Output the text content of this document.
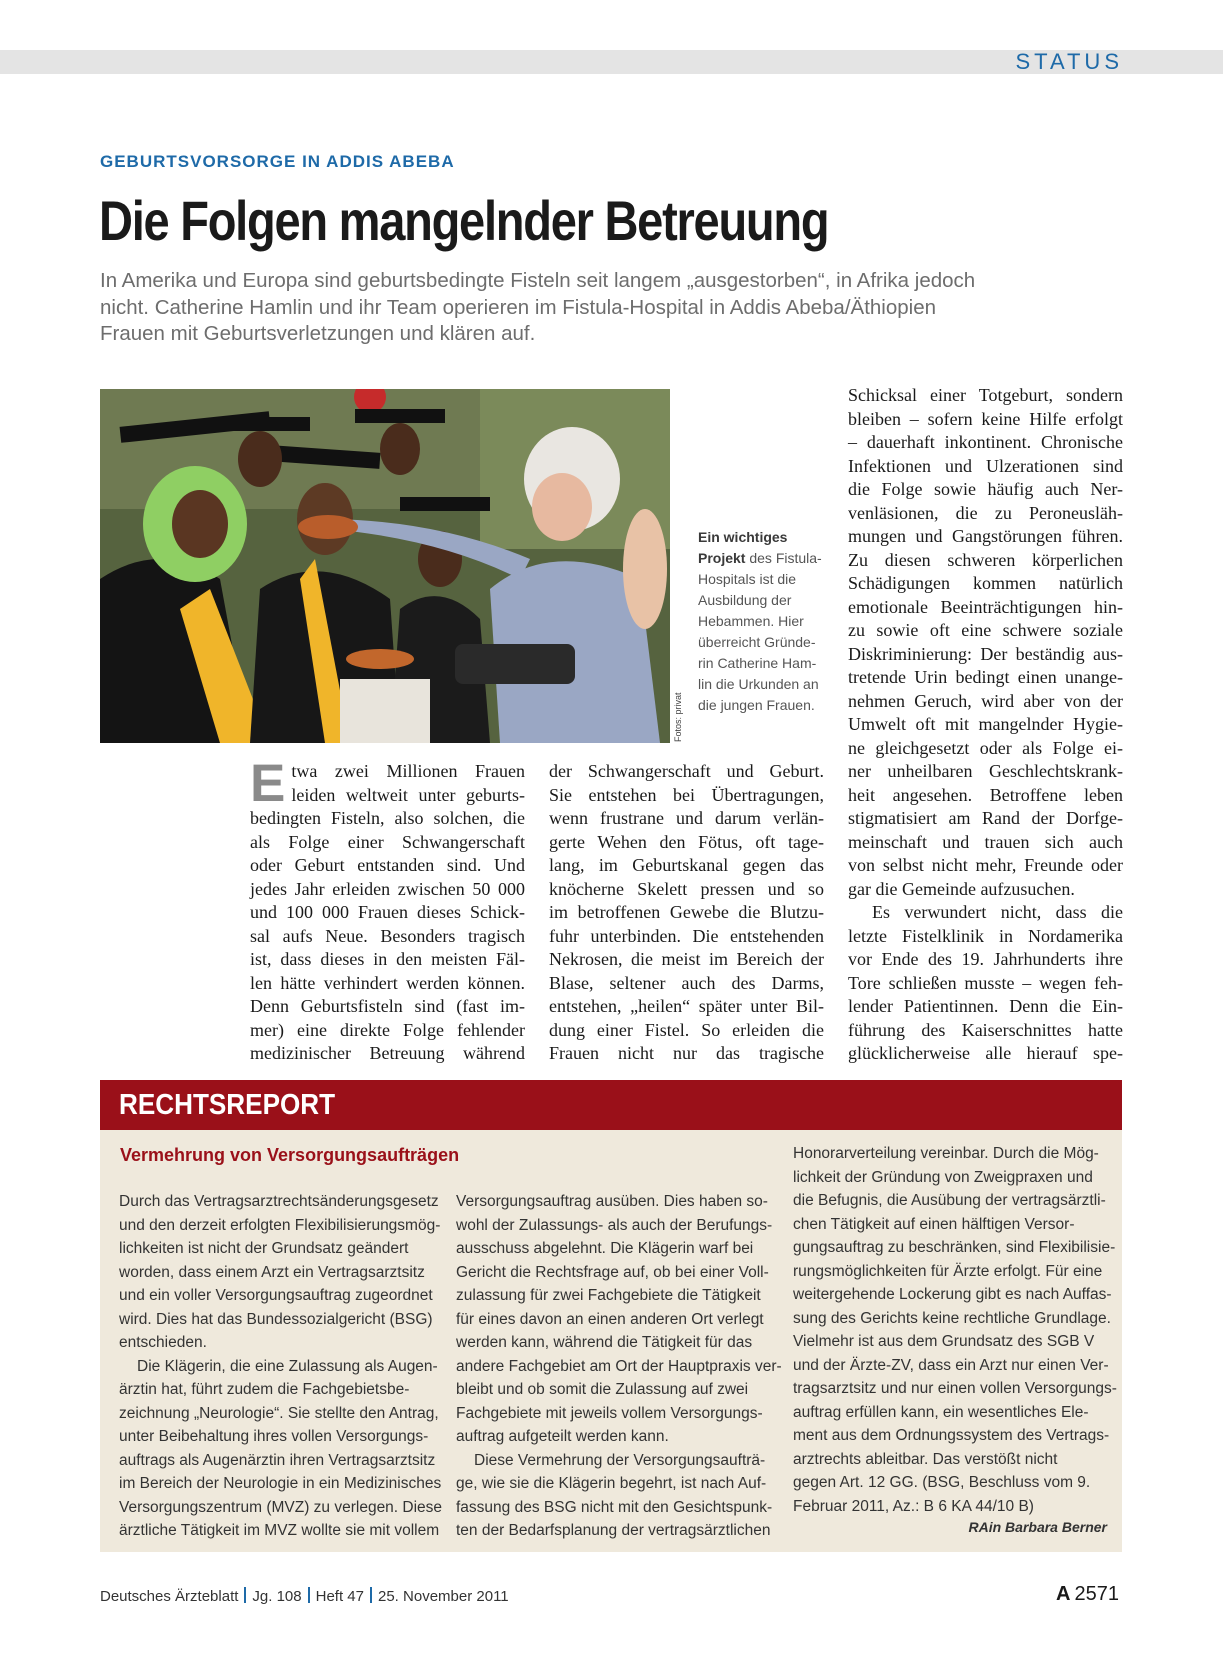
STATUS
GEBURTSVORSORGE IN ADDIS ABEBA
Die Folgen mangelnder Betreuung
In Amerika und Europa sind geburtsbedingte Fisteln seit langem „ausgestorben“, in Afrika jedoch
nicht. Catherine Hamlin und ihr Team operieren im Fistula-Hospital in Addis Abeba/Äthiopien
Frauen mit Geburtsverletzungen und klären auf.
Fotos: privat
Ein wichtiges
Projekt des Fistula-
Hospitals ist die
Ausbildung der
Hebammen. Hier
überreicht Gründe-
rin Catherine Ham-
lin die Urkunden an
die jungen Frauen.
E twa zwei Millionen Frauen
leiden weltweit unter geburts-
bedingten Fisteln, also solchen, die
als Folge einer Schwangerschaft
oder Geburt entstanden sind. Und
jedes Jahr erleiden zwischen 50 000
und 100 000 Frauen dieses Schick-
sal aufs Neue. Besonders tragisch
ist, dass dieses in den meisten Fäl-
len hätte verhindert werden können.
Denn Geburtsfisteln sind (fast im-
mer) eine direkte Folge fehlender
medizinischer Betreuung während
der Schwangerschaft und Geburt.
Sie entstehen bei Übertragungen,
wenn frustrane und darum verlän-
gerte Wehen den Fötus, oft tage-
lang, im Geburtskanal gegen das
knöcherne Skelett pressen und so
im betroffenen Gewebe die Blutzu-
fuhr unterbinden. Die entstehenden
Nekrosen, die meist im Bereich der
Blase, seltener auch des Darms,
entstehen, „heilen“ später unter Bil-
dung einer Fistel. So erleiden die
Frauen nicht nur das tragische
Schicksal einer Totgeburt, sondern
bleiben – sofern keine Hilfe erfolgt
– dauerhaft inkontinent. Chronische
Infektionen und Ulzerationen sind
die Folge sowie häufig auch Ner-
venläsionen, die zu Peroneusläh-
mungen und Gangstörungen führen.
Zu diesen schweren körperlichen
Schädigungen kommen natürlich
emotionale Beeinträchtigungen hin-
zu sowie oft eine schwere soziale
Diskriminierung: Der beständig aus-
tretende Urin bedingt einen unange-
nehmen Geruch, wird aber von der
Umwelt oft mit mangelnder Hygie-
ne gleichgesetzt oder als Folge ei-
ner unheilbaren Geschlechtskrank-
heit angesehen. Betroffene leben
stigmatisiert am Rand der Dorfge-
meinschaft und trauen sich auch
von selbst nicht mehr, Freunde oder
gar die Gemeinde aufzusuchen.
Es verwundert nicht, dass die
letzte Fistelklinik in Nordamerika
vor Ende des 19. Jahrhunderts ihre
Tore schließen musste – wegen feh-
lender Patientinnen. Denn die Ein-
führung des Kaiserschnittes hatte
glücklicherweise alle hierauf spe-
RECHTSREPORT
Vermehrung von Versorgungsaufträgen
Durch das Vertragsarztrechtsänderungsgesetz
und den derzeit erfolgten Flexibilisierungsmög-
lichkeiten ist nicht der Grundsatz geändert
worden, dass einem Arzt ein Vertragsarztsitz
und ein voller Versorgungsauftrag zugeordnet
wird. Dies hat das Bundessozialgericht (BSG)
entschieden.
Die Klägerin, die eine Zulassung als Augen-
ärztin hat, führt zudem die Fachgebietsbe-
zeichnung „Neurologie“. Sie stellte den Antrag,
unter Beibehaltung ihres vollen Versorgungs-
auftrags als Augenärztin ihren Vertragsarztsitz
im Bereich der Neurologie in ein Medizinisches
Versorgungszentrum (MVZ) zu verlegen. Diese
ärztliche Tätigkeit im MVZ wollte sie mit vollem
Versorgungsauftrag ausüben. Dies haben so-
wohl der Zulassungs- als auch der Berufungs-
ausschuss abgelehnt. Die Klägerin warf bei
Gericht die Rechtsfrage auf, ob bei einer Voll-
zulassung für zwei Fachgebiete die Tätigkeit
für eines davon an einen anderen Ort verlegt
werden kann, während die Tätigkeit für das
andere Fachgebiet am Ort der Hauptpraxis ver-
bleibt und ob somit die Zulassung auf zwei
Fachgebiete mit jeweils vollem Versorgungs-
auftrag aufgeteilt werden kann.
Diese Vermehrung der Versorgungsaufträ-
ge, wie sie die Klägerin begehrt, ist nach Auf-
fassung des BSG nicht mit den Gesichtspunk-
ten der Bedarfsplanung der vertragsärztlichen
Honorarverteilung vereinbar. Durch die Mög-
lichkeit der Gründung von Zweigpraxen und
die Befugnis, die Ausübung der vertragsärztli-
chen Tätigkeit auf einen hälftigen Versor-
gungsauftrag zu beschränken, sind Flexibilisie-
rungsmöglichkeiten für Ärzte erfolgt. Für eine
weitergehende Lockerung gibt es nach Auffas-
sung des Gerichts keine rechtliche Grundlage.
Vielmehr ist aus dem Grundsatz des SGB V
und der Ärzte-ZV, dass ein Arzt nur einen Ver-
tragsarztsitz und nur einen vollen Versorgungs-
auftrag erfüllen kann, ein wesentliches Ele-
ment aus dem Ordnungssystem des Vertrags-
arztrechts ableitbar. Das verstößt nicht
gegen Art. 12 GG. (BSG, Beschluss vom 9.
Februar 2011, Az.: B 6 KA 44/10 B)
RAin Barbara Berner
Deutsches Ärzteblatt Jg. 108 Heft 47 25. November 2011	A 2571
